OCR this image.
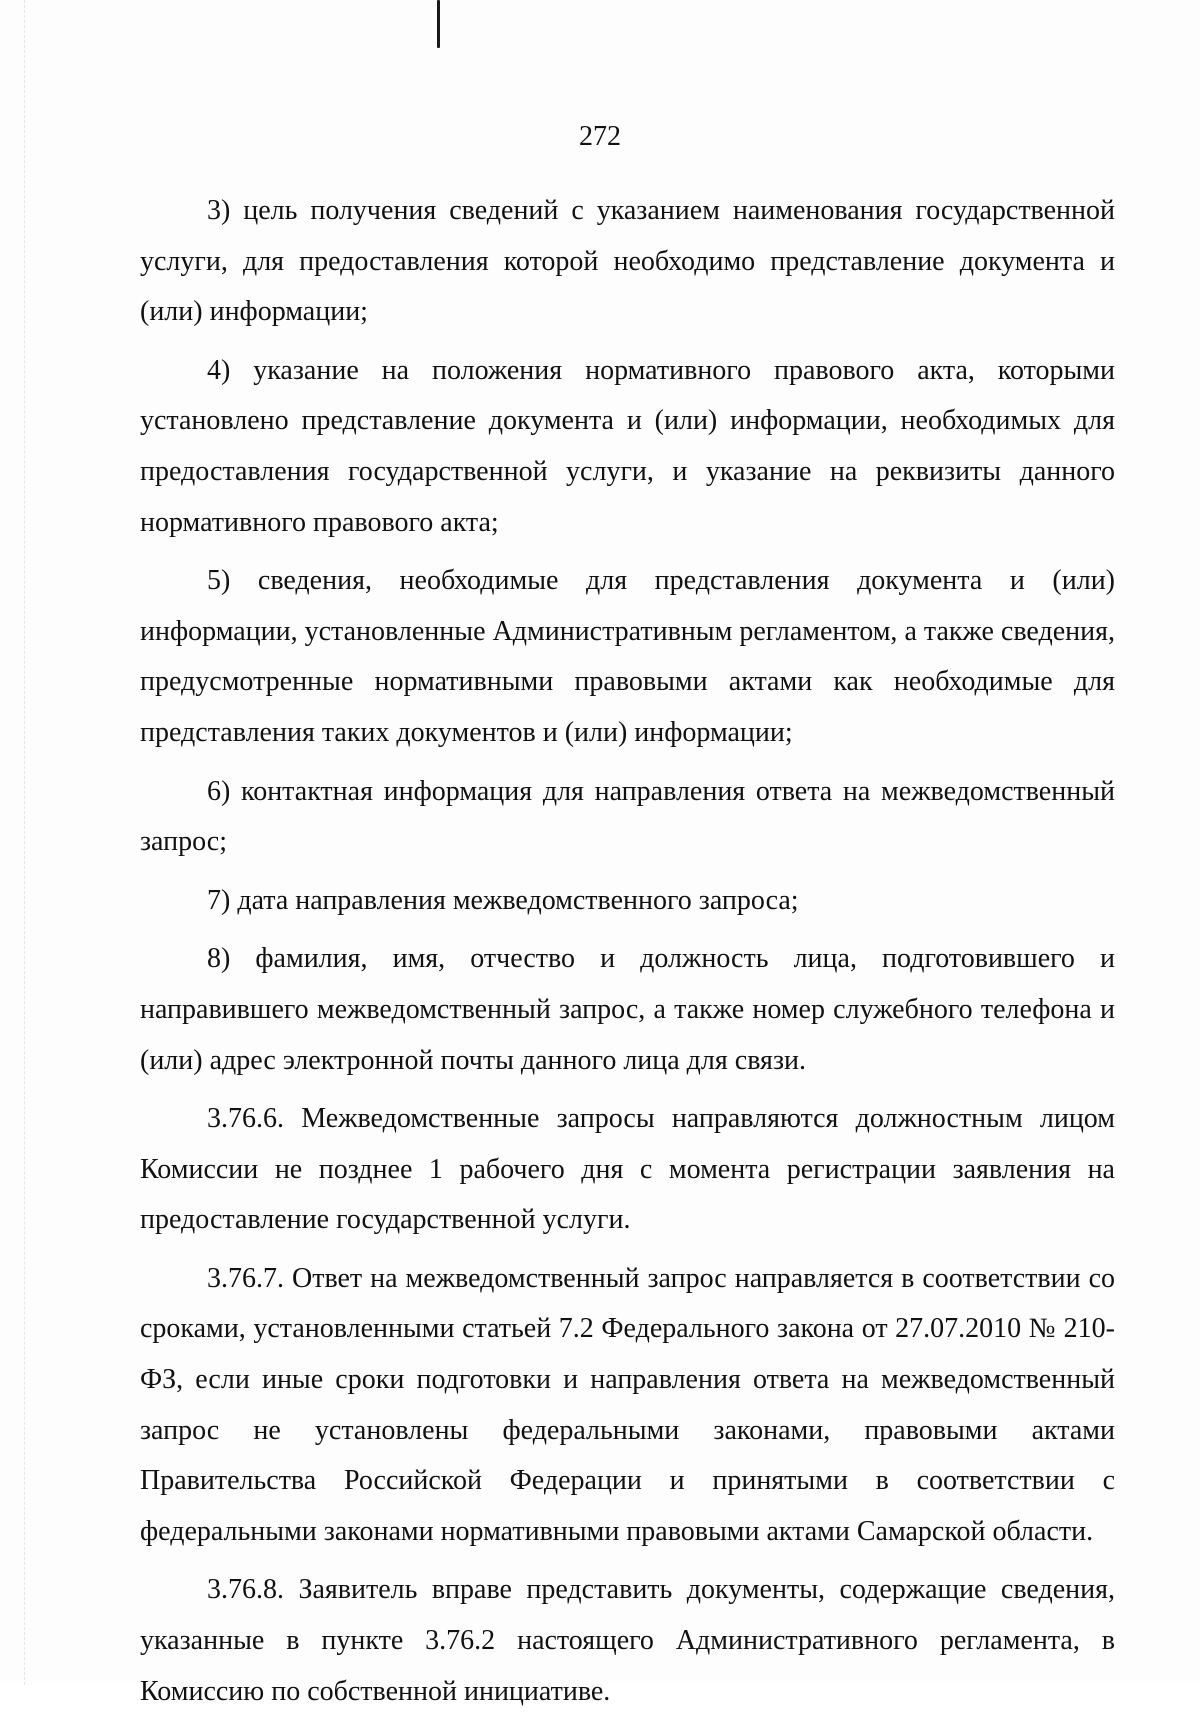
272

3) цель получения сведений с указанием наименования государственной услуги, для предоставления которой необходимо представление документа и (или) информации;

4) указание на положения нормативного правового акта, которыми установлено представление документа и (или) информации, необходимых для предоставления государственной услуги, и указание на реквизиты данного нормативного правового акта;

5) сведения, необходимые для представления документа и (или) информации, установленные Административным регламентом, а также сведения, предусмотренные нормативными правовыми актами как необходимые для представления таких документов и (или) информации;

6) контактная информация для направления ответа на межведомственный запрос;

7) дата направления межведомственного запроса;

8) фамилия, имя, отчество и должность лица, подготовившего и направившего межведомственный запрос, а также номер служебного телефона и (или) адрес электронной почты данного лица для связи.

3.76.6. Межведомственные запросы направляются должностным лицом Комиссии не позднее 1 рабочего дня с момента регистрации заявления на предоставление государственной услуги.

3.76.7. Ответ на межведомственный запрос направляется в соответствии со сроками, установленными статьей 7.2 Федерального закона от 27.07.2010 № 210-ФЗ, если иные сроки подготовки и направления ответа на межведомственный запрос не установлены федеральными законами, правовыми актами Правительства Российской Федерации и принятыми в соответствии с федеральными законами нормативными правовыми актами Самарской области.

3.76.8. Заявитель вправе представить документы, содержащие сведения, указанные в пункте 3.76.2 настоящего Административного регламента, в Комиссию по собственной инициативе.
